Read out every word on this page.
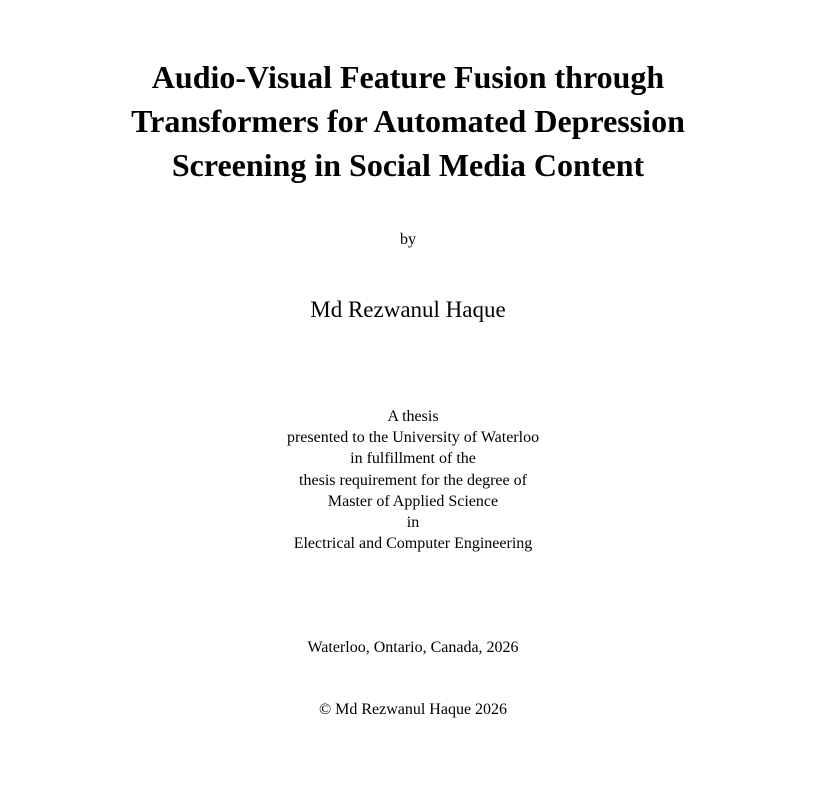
Audio-Visual Feature Fusion through
Transformers for Automated Depression
Screening in Social Media Content
by
Md Rezwanul Haque
A thesis
presented to the University of Waterloo
in fulfillment of the
thesis requirement for the degree of
Master of Applied Science
in
Electrical and Computer Engineering
Waterloo, Ontario, Canada, 2026
© Md Rezwanul Haque 2026
